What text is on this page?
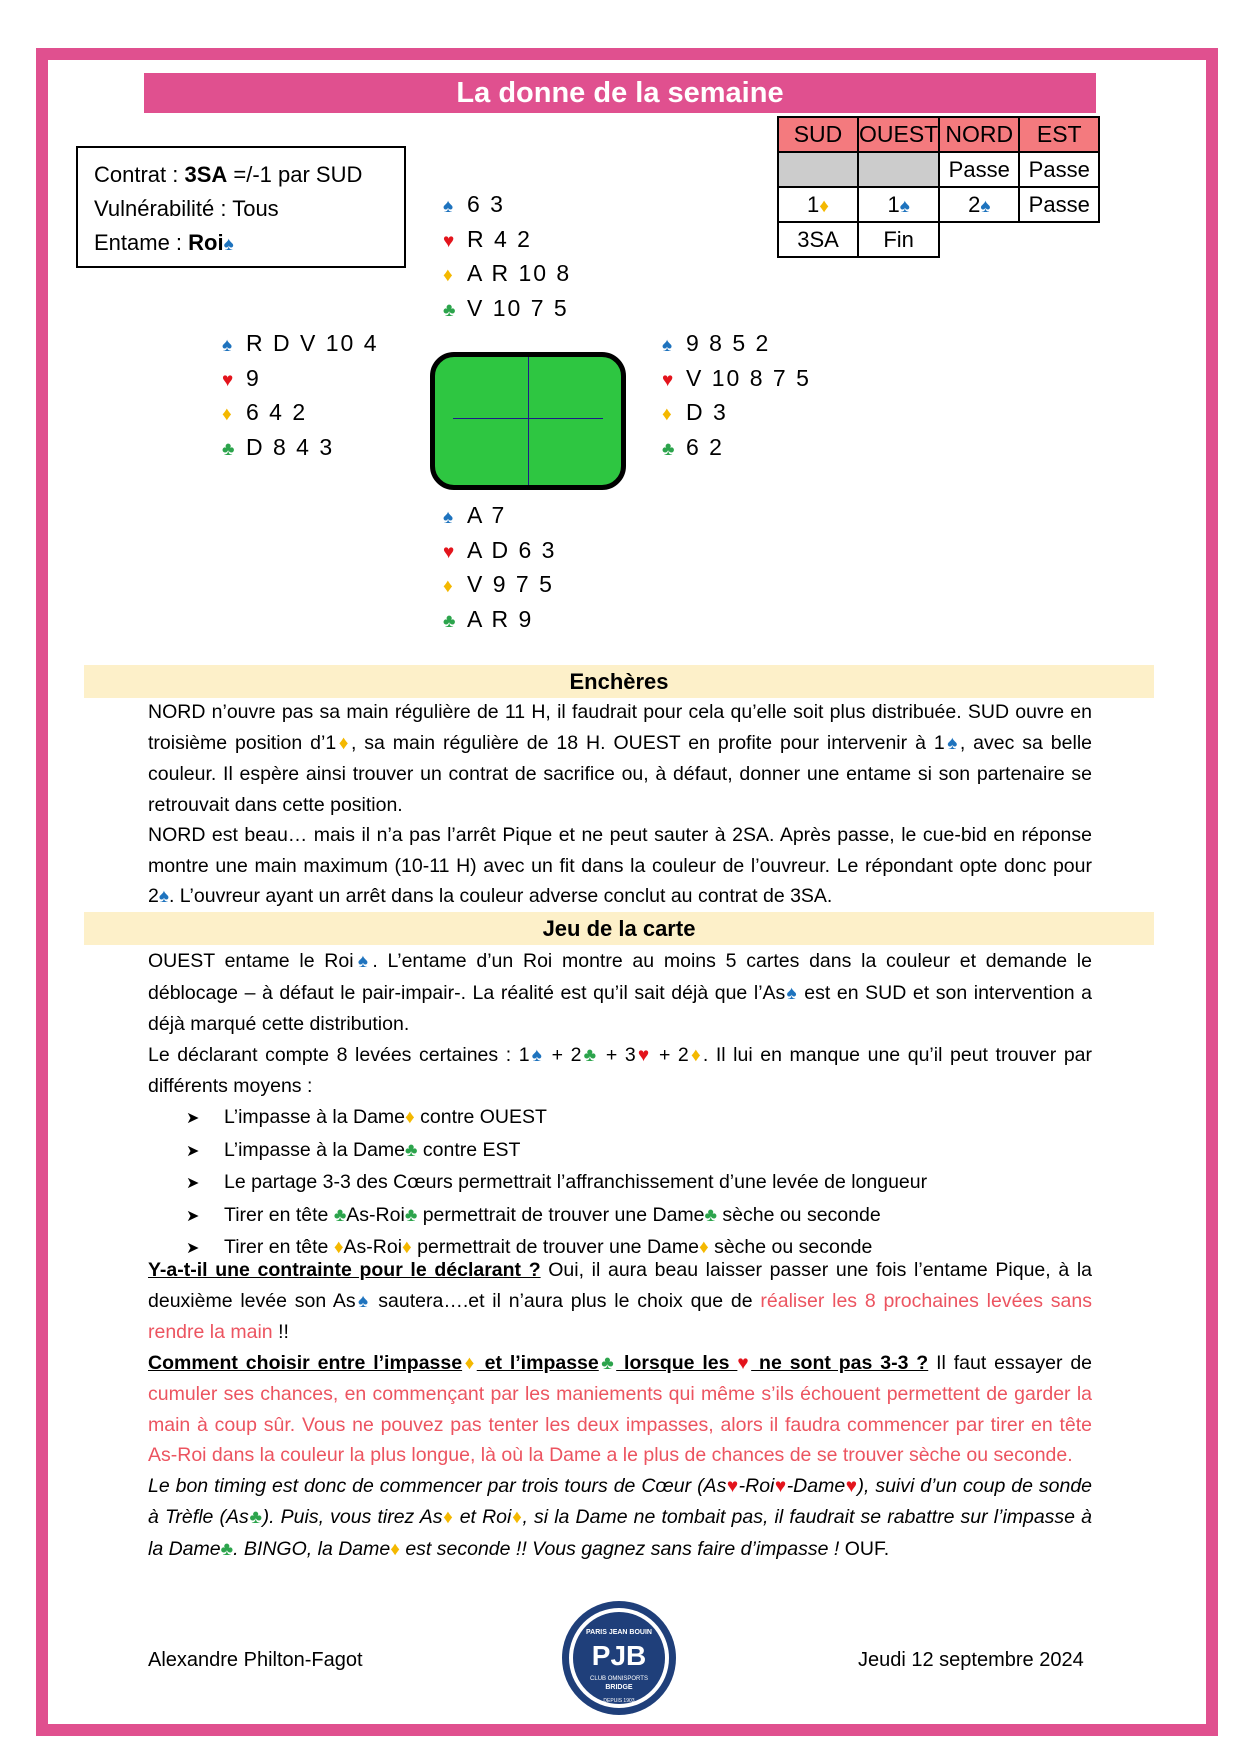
La donne de la semaine
Contrat : 3SA =/-1 par SUD
Vulnérabilité : Tous
Entame : Roi♠
SUD	OUEST	NORD	EST
		Passe	Passe
1♦	1♠	2♠	Passe
3SA	Fin		
♠ 6 3
♥ R 4 2
♦ A R 10 8
♣ V 10 7 5
♠ R D V 10 4
♥ 9
♦ 6 4 2
♣ D 8 4 3
♠ 9 8 5 2
♥ V 10 8 7 5
♦ D 3
♣ 6 2
♠ A 7
♥ A D 6 3
♦ V 9 7 5
♣ A R 9
Enchères

NORD n’ouvre pas sa main régulière de 11 H, il faudrait pour cela qu’elle soit plus distribuée. SUD ouvre en troisième position d’1♦, sa main régulière de 18 H. OUEST en profite pour intervenir à 1♠, avec sa belle couleur. Il espère ainsi trouver un contrat de sacrifice ou, à défaut, donner une entame si son partenaire se retrouvait dans cette position.

NORD est beau… mais il n’a pas l’arrêt Pique et ne peut sauter à 2SA. Après passe, le cue-bid en réponse montre une main maximum (10-11 H) avec un fit dans la couleur de l’ouvreur. Le répondant opte donc pour 2♠. L’ouvreur ayant un arrêt dans la couleur adverse conclut au contrat de 3SA.

Jeu de la carte

OUEST entame le Roi♠. L’entame d’un Roi montre au moins 5 cartes dans la couleur et demande le déblocage – à défaut le pair-impair-. La réalité est qu’il sait déjà que l’As♠ est en SUD et son intervention a déjà marqué cette distribution.

Le déclarant compte 8 levées certaines : 1♠ + 2♣ + 3♥ + 2♦. Il lui en manque une qu’il peut trouver par différents moyens :

➤ L’impasse à la Dame♦ contre OUEST
➤ L’impasse à la Dame♣ contre EST
➤ Le partage 3-3 des Cœurs permettrait l’affranchissement d’une levée de longueur
➤ Tirer en tête ♣As-Roi♣ permettrait de trouver une Dame♣ sèche ou seconde
➤ Tirer en tête ♦As-Roi♦ permettrait de trouver une Dame♦ sèche ou seconde

Y-a-t-il une contrainte pour le déclarant ? Oui, il aura beau laisser passer une fois l’entame Pique, à la deuxième levée son As♠ sautera….et il n’aura plus le choix que de réaliser les 8 prochaines levées sans rendre la main !!

Comment choisir entre l’impasse♦ et l’impasse♣ lorsque les ♥ ne sont pas 3-3 ? Il faut essayer de cumuler ses chances, en commençant par les maniements qui même s’ils échouent permettent de garder la main à coup sûr. Vous ne pouvez pas tenter les deux impasses, alors il faudra commencer par tirer en tête As-Roi dans la couleur la plus longue, là où la Dame a le plus de chances de se trouver sèche ou seconde.

Le bon timing est donc de commencer par trois tours de Cœur (As♥-Roi♥-Dame♥), suivi d’un coup de sonde à Trèfle (As♣). Puis, vous tirez As♦ et Roi♦, si la Dame ne tombait pas, il faudrait se rabattre sur l’impasse à la Dame♣. BINGO, la Dame♦ est seconde !! Vous gagnez sans faire d’impasse ! OUF.

Alexandre Philton-Fagot	Jeudi 12 septembre 2024
PJB
CLUB OMNISPORTS
BRIDGE
PARIS JEAN BOUIN
DEPUIS 1903
